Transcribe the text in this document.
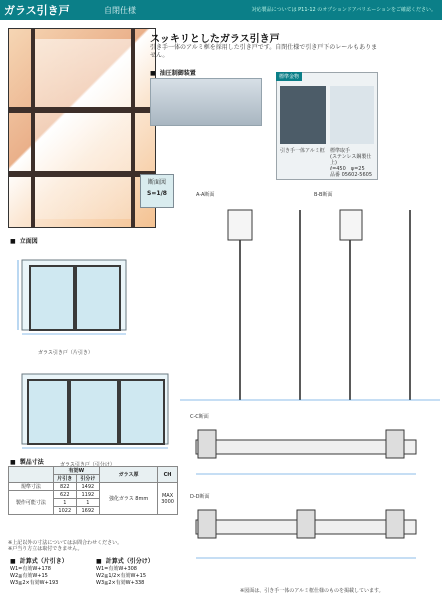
ガラス引き戸	自閉仕様	対応製品については P11-12 のオプションドアバリエーションをご確認ください。
スッキリとしたガラス引き戸
引き手一体のアルミ框を採用した引き戸です。自閉仕様で引き戸下のレールもありません。
■ 油圧制御装置	標準金物
引き手一体アルミ框 標準取手
(ステンレス鋼製仕上)
ℓ=450　φ=25
品番 05602-5605
断面図
S=1/8
■ 立面図
ガラス引き戸（片引き）
ガラス引き戸（引分け）
A-A断面	B-B断面
C-C断面
D-D断面
■ 製品寸法
	有効W		ガラス厚	CH
	片引き	引分け		
規準寸法	822	1492	強化ガラス 8mm	MAX
3000

製作可能寸法	622	1192		
	1	1		
	1022	1692		
※上記以外の寸法についてはお問合わせください。
※戸当り方立は取付できません。
■ 計算式（片引き）
W1=有効W+178
W2≦有効W+15
W3≧2×有効W+193
■ 計算式（引分け）
W1=有効W+308
W2≧1/2×有効W+15
W3≧2×有効W+338
※図面は、引き手一体のアルミ框仕様のものを掲載しています。
